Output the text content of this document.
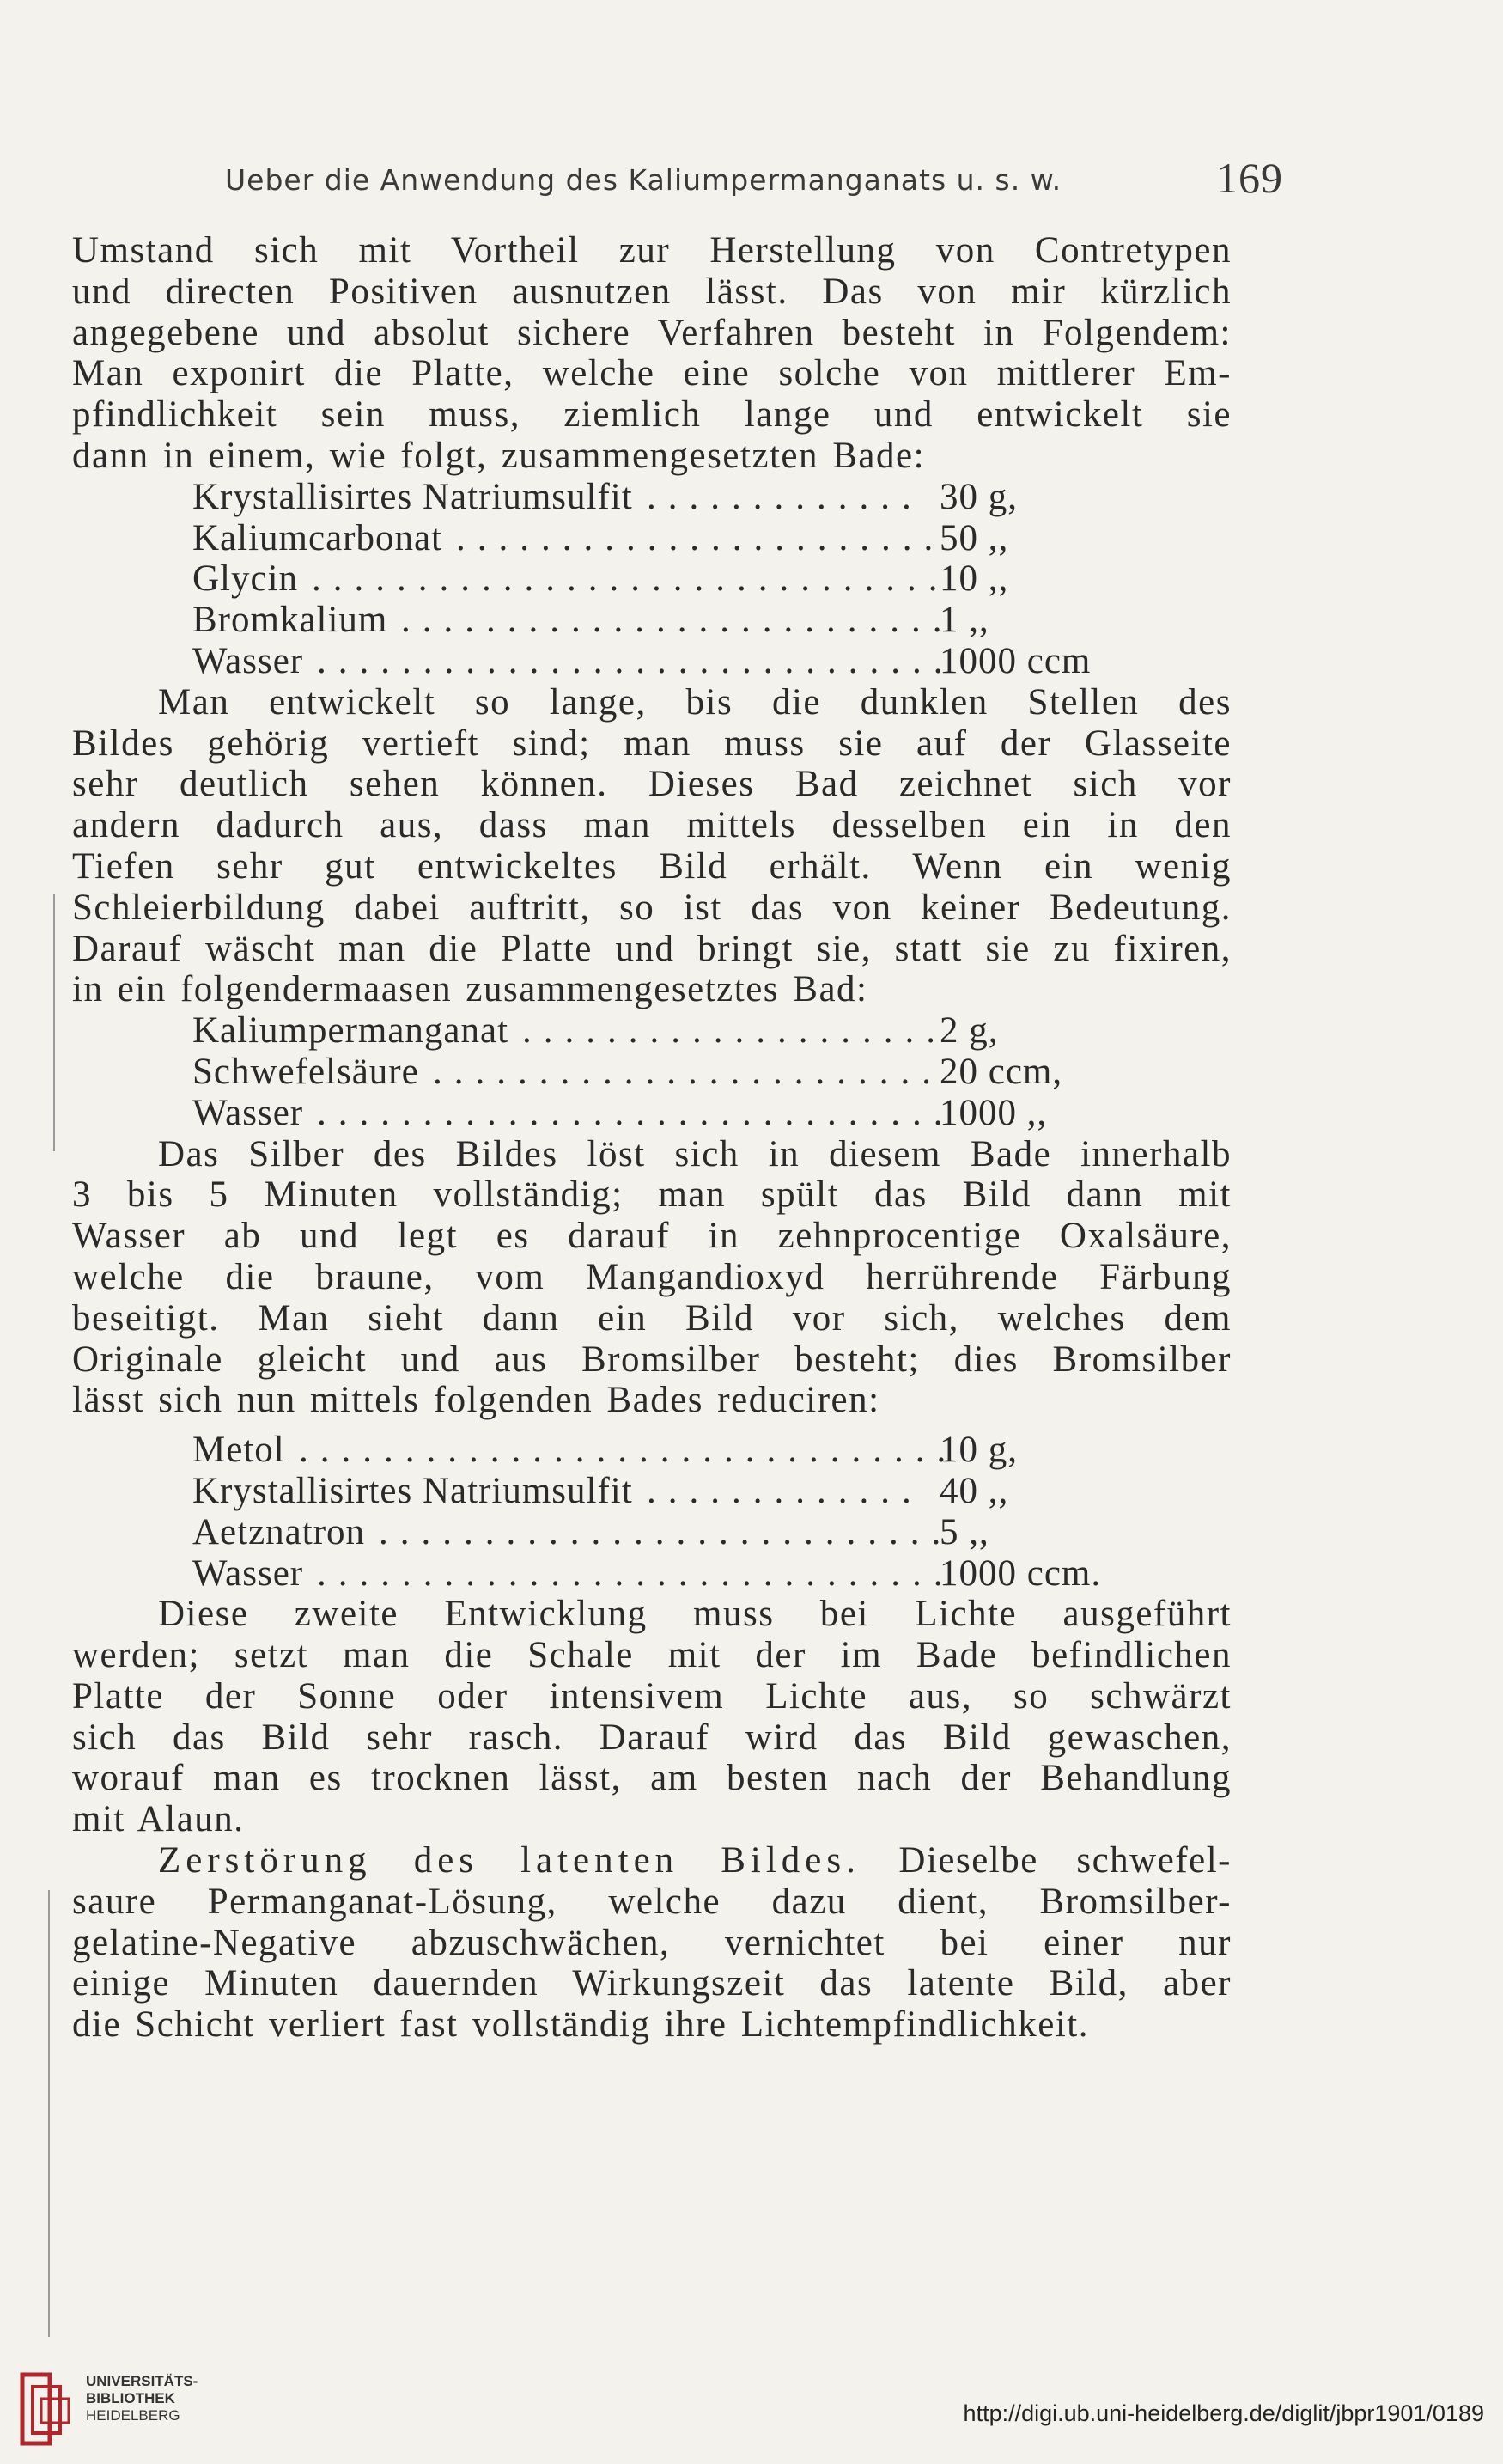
Ueber die Anwendung des Kaliumpermanganats u. s. w.	169
Umstand sich mit Vortheil zur Herstellung von Contretypen
und directen Positiven ausnutzen lässt. Das von mir kürzlich
angegebene und absolut sichere Verfahren besteht in Folgendem:
Man exponirt die Platte, welche eine solche von mittlerer Em-
pfindlichkeit sein muss, ziemlich lange und entwickelt sie
dann in einem, wie folgt, zusammengesetzten Bade:
Krystallisirtes Natriumsulfit ............. 30 g,
Kaliumcarbonat .......................
50 ,,
Glycin ..............................
10 ,,
Bromkalium ..........................
1 ,,
Wasser ..............................
1000 ccm
Man entwickelt so lange, bis die dunklen Stellen des
Bildes gehörig vertieft sind; man muss sie auf der Glasseite
sehr deutlich sehen können. Dieses Bad zeichnet sich vor
andern dadurch aus, dass man mittels desselben ein in den
Tiefen sehr gut entwickeltes Bild erhält. Wenn ein wenig
Schleierbildung dabei auftritt, so ist das von keiner Bedeutung.
Darauf wäscht man die Platte und bringt sie, statt sie zu fixiren,
in ein folgendermaasen zusammengesetztes Bad:
Kaliumpermanganat ....................
2 g,
Schwefelsäure ........................
20 ccm,
Wasser ..............................
1000 ,,
Das Silber des Bildes löst sich in diesem Bade innerhalb
3 bis 5 Minuten vollständig; man spült das Bild dann mit
Wasser ab und legt es darauf in zehnprocentige Oxalsäure,
welche die braune, vom Mangandioxyd herrührende Färbung
beseitigt. Man sieht dann ein Bild vor sich, welches dem
Originale gleicht und aus Bromsilber besteht; dies Bromsilber
lässt sich nun mittels folgenden Bades reduciren:
Metol ...............................
10 g,
Krystallisirtes Natriumsulfit ............. 40 ,,
Aetznatron ...........................
5 ,,
Wasser ..............................
1000 ccm.
Diese zweite Entwicklung muss bei Lichte ausgeführt
werden; setzt man die Schale mit der im Bade befindlichen
Platte der Sonne oder intensivem Lichte aus, so schwärzt
sich das Bild sehr rasch. Darauf wird das Bild gewaschen,
worauf man es trocknen lässt, am besten nach der Behandlung
mit Alaun.
Zerstörung des latenten Bildes. Dieselbe schwefel-
saure Permanganat-Lösung, welche dazu dient, Bromsilber-
gelatine-Negative abzuschwächen, vernichtet bei einer nur
einige Minuten dauernden Wirkungszeit das latente Bild, aber
die Schicht verliert fast vollständig ihre Lichtempfindlichkeit.
UNIVERSITÄTS-
BIBLIOTHEK
HEIDELBERG	http://digi.ub.uni-heidelberg.de/diglit/jbpr1901/0189
